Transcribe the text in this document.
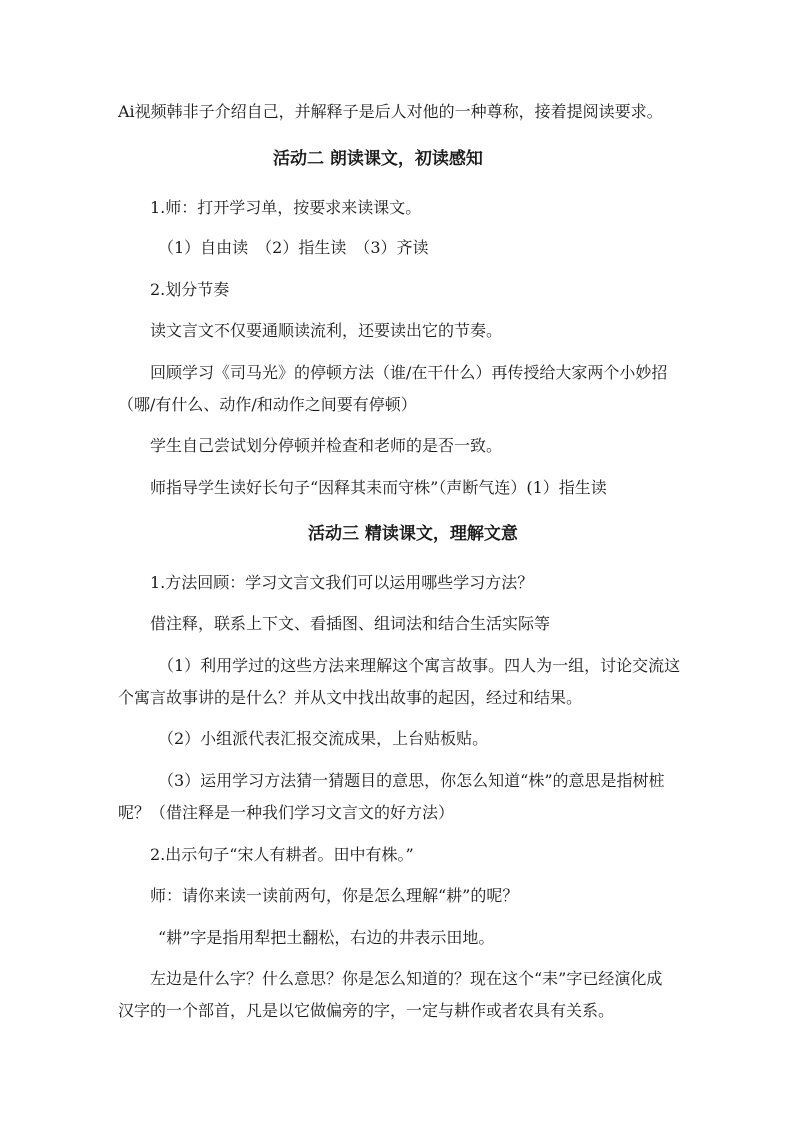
Ai视频韩非子介绍自己，并解释子是后人对他的一种尊称，接着提阅读要求。
活动二 朗读课文，初读感知
1.师：打开学习单，按要求来读课文。
（1）自由读　（2）指生读　（3）齐读
2.划分节奏
读文言文不仅要通顺读流利，还要读出它的节奏。
回顾学习《司马光》的停顿方法（谁/在干什么）再传授给大家两个小妙招
（哪/有什么、动作/和动作之间要有停顿）
学生自己尝试划分停顿并检查和老师的是否一致。
师指导学生读好长句子“因释其耒而守株”（声断气连）(1）指生读
活动三 精读课文，理解文意
1.方法回顾：学习文言文我们可以运用哪些学习方法？
借注释，联系上下文、看插图、组词法和结合生活实际等
（1）利用学过的这些方法来理解这个寓言故事。四人为一组，讨论交流这
个寓言故事讲的是什么？并从文中找出故事的起因，经过和结果。
（2）小组派代表汇报交流成果，上台贴板贴。
（3）运用学习方法猜一猜题目的意思，你怎么知道“株”的意思是指树桩
呢？（借注释是一种我们学习文言文的好方法）
2.出示句子“宋人有耕者。田中有株。”
师：请你来读一读前两句，你是怎么理解“耕”的呢？
“耕”字是指用犁把土翻松，右边的井表示田地。
左边是什么字？什么意思？你是怎么知道的？现在这个“耒”字已经演化成
汉字的一个部首，凡是以它做偏旁的字，一定与耕作或者农具有关系。
